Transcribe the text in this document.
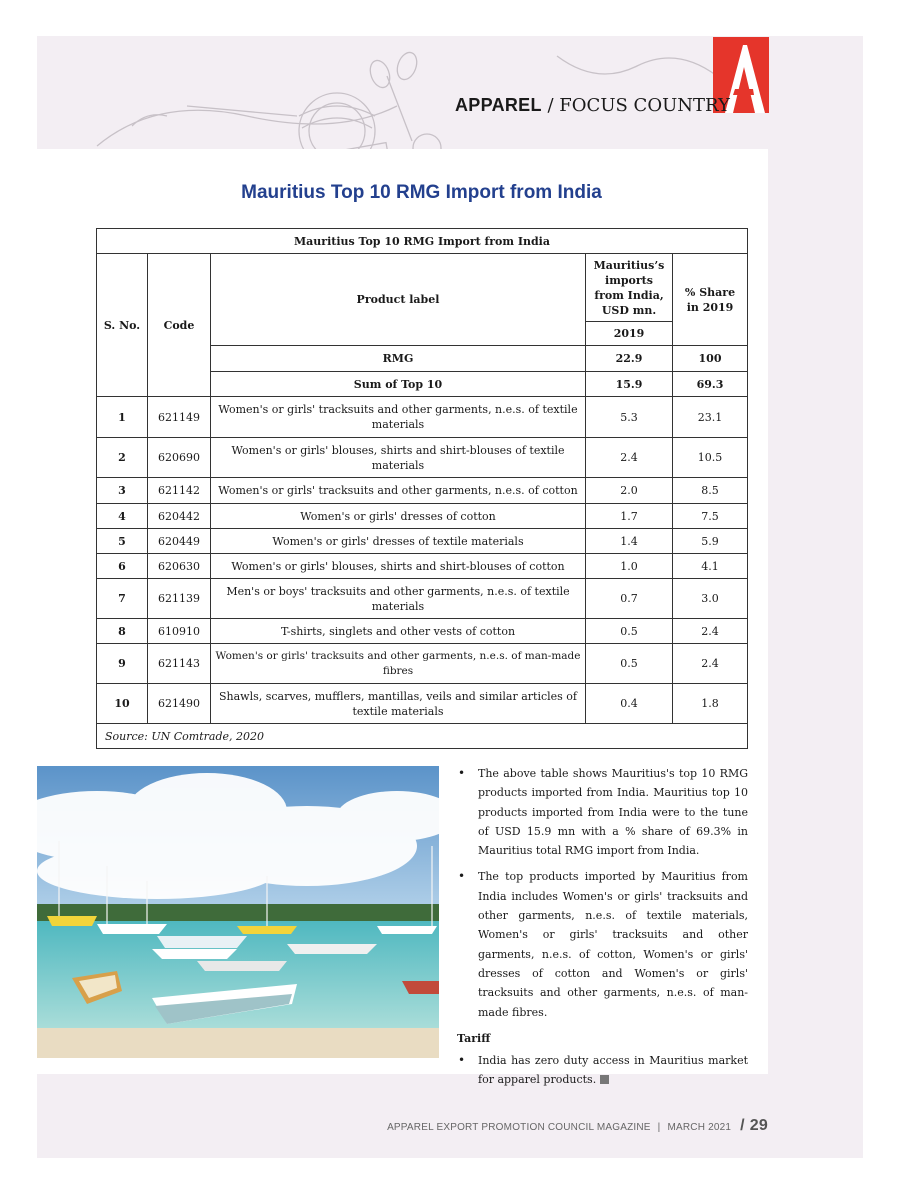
APPAREL / FOCUS COUNTRY
Mauritius Top 10 RMG Import from India
Mauritius Top 10 RMG Import from India				
S. No.	Code	Product label	Mauritius’s imports from India, USD mn.	% Share in 2019
			2019	
		RMG	22.9	100
		Sum of Top 10	15.9	69.3
1	621149	Women's or girls' tracksuits and other garments, n.e.s. of textile materials	5.3	23.1
2	620690	Women's or girls' blouses, shirts and shirt-blouses of textile materials	2.4	10.5
3	621142	Women's or girls' tracksuits and other garments, n.e.s. of cotton	2.0	8.5
4	620442	Women's or girls' dresses of cotton	1.7	7.5
5	620449	Women's or girls' dresses of textile materials	1.4	5.9
6	620630	Women's or girls' blouses, shirts and shirt-blouses of cotton	1.0	4.1
7	621139	Men's or boys' tracksuits and other garments, n.e.s. of textile materials	0.7	3.0
8	610910	T-shirts, singlets and other vests of cotton	0.5	2.4
9	621143	Women's or girls' tracksuits and other garments, n.e.s. of man-made fibres	0.5	2.4
10	621490	Shawls, scarves, mufflers, mantillas, veils and similar articles of textile materials	0.4	1.8
Source: UN Comtrade, 2020				
• The above table shows Mauritius's top 10 RMG products imported from India. Mauritius top 10 products imported from India were to the tune of USD 15.9 mn with a % share of 69.3% in Mauritius total RMG import from India.
• The top products imported by Mauritius from India includes Women's or girls' tracksuits and other garments, n.e.s. of textile materials, Women's or girls' tracksuits and other garments, n.e.s. of cotton, Women's or girls' dresses of cotton and Women's or girls' tracksuits and other garments, n.e.s. of man-made fibres.
Tariff
• India has zero duty access in Mauritius market for apparel products.
APPAREL EXPORT PROMOTION COUNCIL MAGAZINE | MARCH 2021 / 29
